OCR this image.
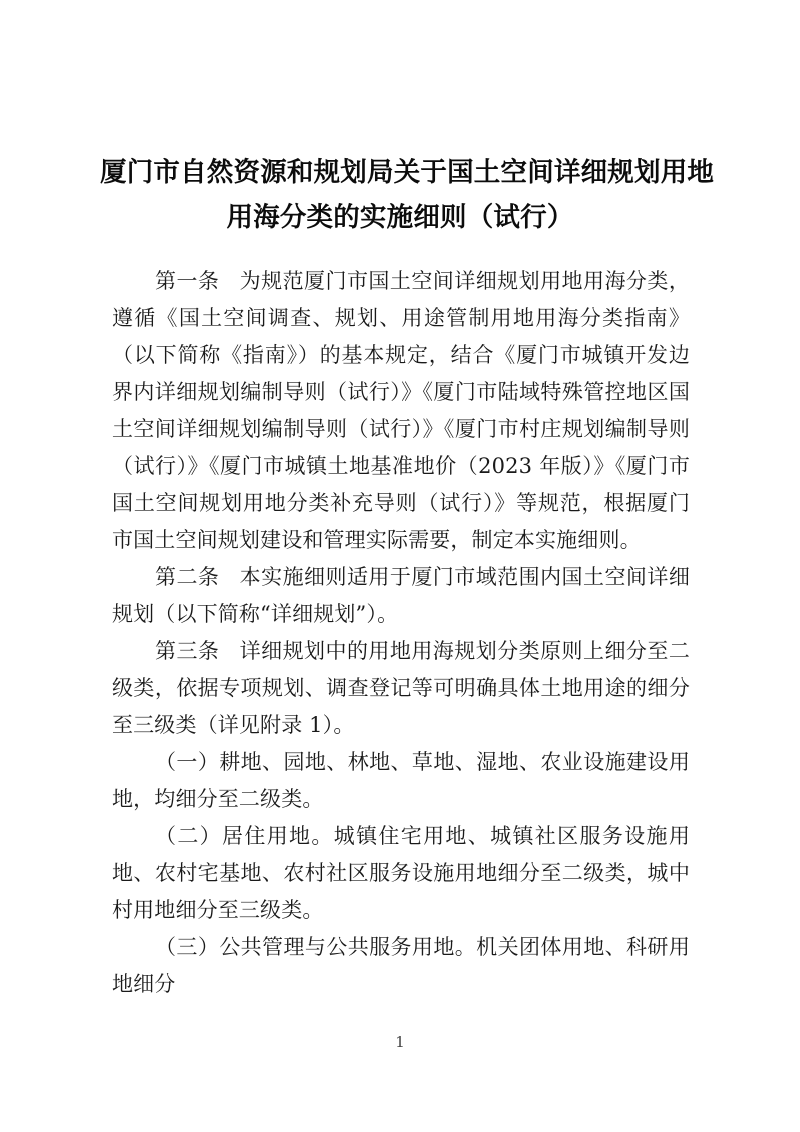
厦门市自然资源和规划局关于国土空间详细规划用地
用海分类的实施细则（试行）

第一条 为规范厦门市国土空间详细规划用地用海分类，遵循《国土空间调查、规划、用途管制用地用海分类指南》（以下简称《指南》）的基本规定，结合《厦门市城镇开发边界内详细规划编制导则（试行）》《厦门市陆域特殊管控地区国土空间详细规划编制导则（试行）》《厦门市村庄规划编制导则（试行）》《厦门市城镇土地基准地价（2023 年版）》《厦门市国土空间规划用地分类补充导则（试行）》等规范，根据厦门市国土空间规划建设和管理实际需要，制定本实施细则。

第二条 本实施细则适用于厦门市域范围内国土空间详细规划（以下简称“详细规划”）。

第三条 详细规划中的用地用海规划分类原则上细分至二级类，依据专项规划、调查登记等可明确具体土地用途的细分至三级类（详见附录 1）。

（一）耕地、园地、林地、草地、湿地、农业设施建设用地，均细分至二级类。

（二）居住用地。城镇住宅用地、城镇社区服务设施用地、农村宅基地、农村社区服务设施用地细分至二级类，城中村用地细分至三级类。

（三）公共管理与公共服务用地。机关团体用地、科研用地细分

1
